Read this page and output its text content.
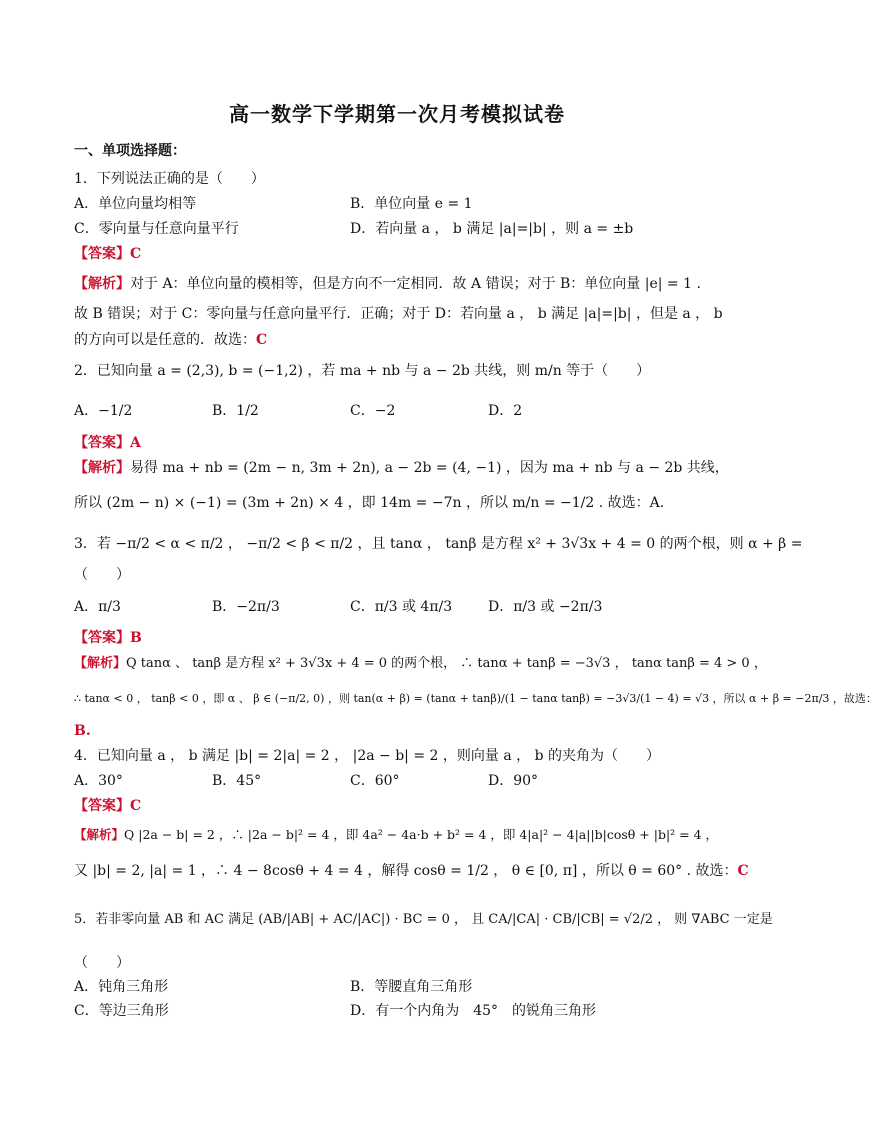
高一数学下学期第一次月考模拟试卷
一、单项选择题：
1．下列说法正确的是（　　）
A．单位向量均相等	B．单位向量 e = 1
C．零向量与任意向量平行	D．若向量 a ， b 满足 |a|=|b| ，则 a = ±b
【答案】C
【解析】对于 A：单位向量的模相等，但是方向不一定相同．故 A 错误；对于 B：单位向量 |e| = 1 .
故 B 错误；对于 C：零向量与任意向量平行．正确；对于 D：若向量 a ， b 满足 |a|=|b| ，但是 a ， b
的方向可以是任意的．故选：C
2．已知向量 a = (2,3), b = (−1,2) ，若 ma + nb 与 a − 2b 共线，则 m/n 等于（　　）
A．−1/2	B．1/2	C．−2	D．2
【答案】A
【解析】易得 ma + nb = (2m − n, 3m + 2n), a − 2b = (4, −1) ，因为 ma + nb 与 a − 2b 共线，
所以 (2m − n) × (−1) = (3m + 2n) × 4 ，即 14m = −7n ，所以 m/n = −1/2 . 故选：A.
3．若 −π/2 < α < π/2 ， −π/2 < β < π/2 ，且 tanα ， tanβ 是方程 x² + 3√3x + 4 = 0 的两个根，则 α + β =
（　　）
A．π/3	B．−2π/3	C．π/3 或 4π/3	D．π/3 或 −2π/3
【答案】B
【解析】Q tanα 、 tanβ 是方程 x² + 3√3x + 4 = 0 的两个根， ∴ tanα + tanβ = −3√3 ， tanα tanβ = 4 > 0 ，
∴ tanα < 0 ， tanβ < 0 ，即 α 、 β ∈ (−π/2, 0) ，则 tan(α + β) = (tanα + tanβ)/(1 − tanα tanβ) = −3√3/(1 − 4) = √3 ，所以 α + β = −2π/3 ，故选：
B.
4．已知向量 a ， b 满足 |b| = 2|a| = 2 ， |2a − b| = 2 ，则向量 a ， b 的夹角为（　　）
A．30°	B．45°	C．60°	D．90°
【答案】C
【解析】Q |2a − b| = 2 ，∴ |2a − b|² = 4 ，即 4a² − 4a·b + b² = 4 ，即 4|a|² − 4|a||b|cosθ + |b|² = 4 ，
又 |b| = 2, |a| = 1 ，∴ 4 − 8cosθ + 4 = 4 ，解得 cosθ = 1/2 ， θ ∈ [0, π] ，所以 θ = 60° . 故选：C
5．若非零向量 AB 和 AC 满足 (AB/|AB| + AC/|AC|) · BC = 0 ， 且 CA/|CA| · CB/|CB| = √2/2 ， 则 ∇ABC 一定是
（　　）
A．钝角三角形	B．等腰直角三角形
C．等边三角形	D．有一个内角为　45°　的锐角三角形
